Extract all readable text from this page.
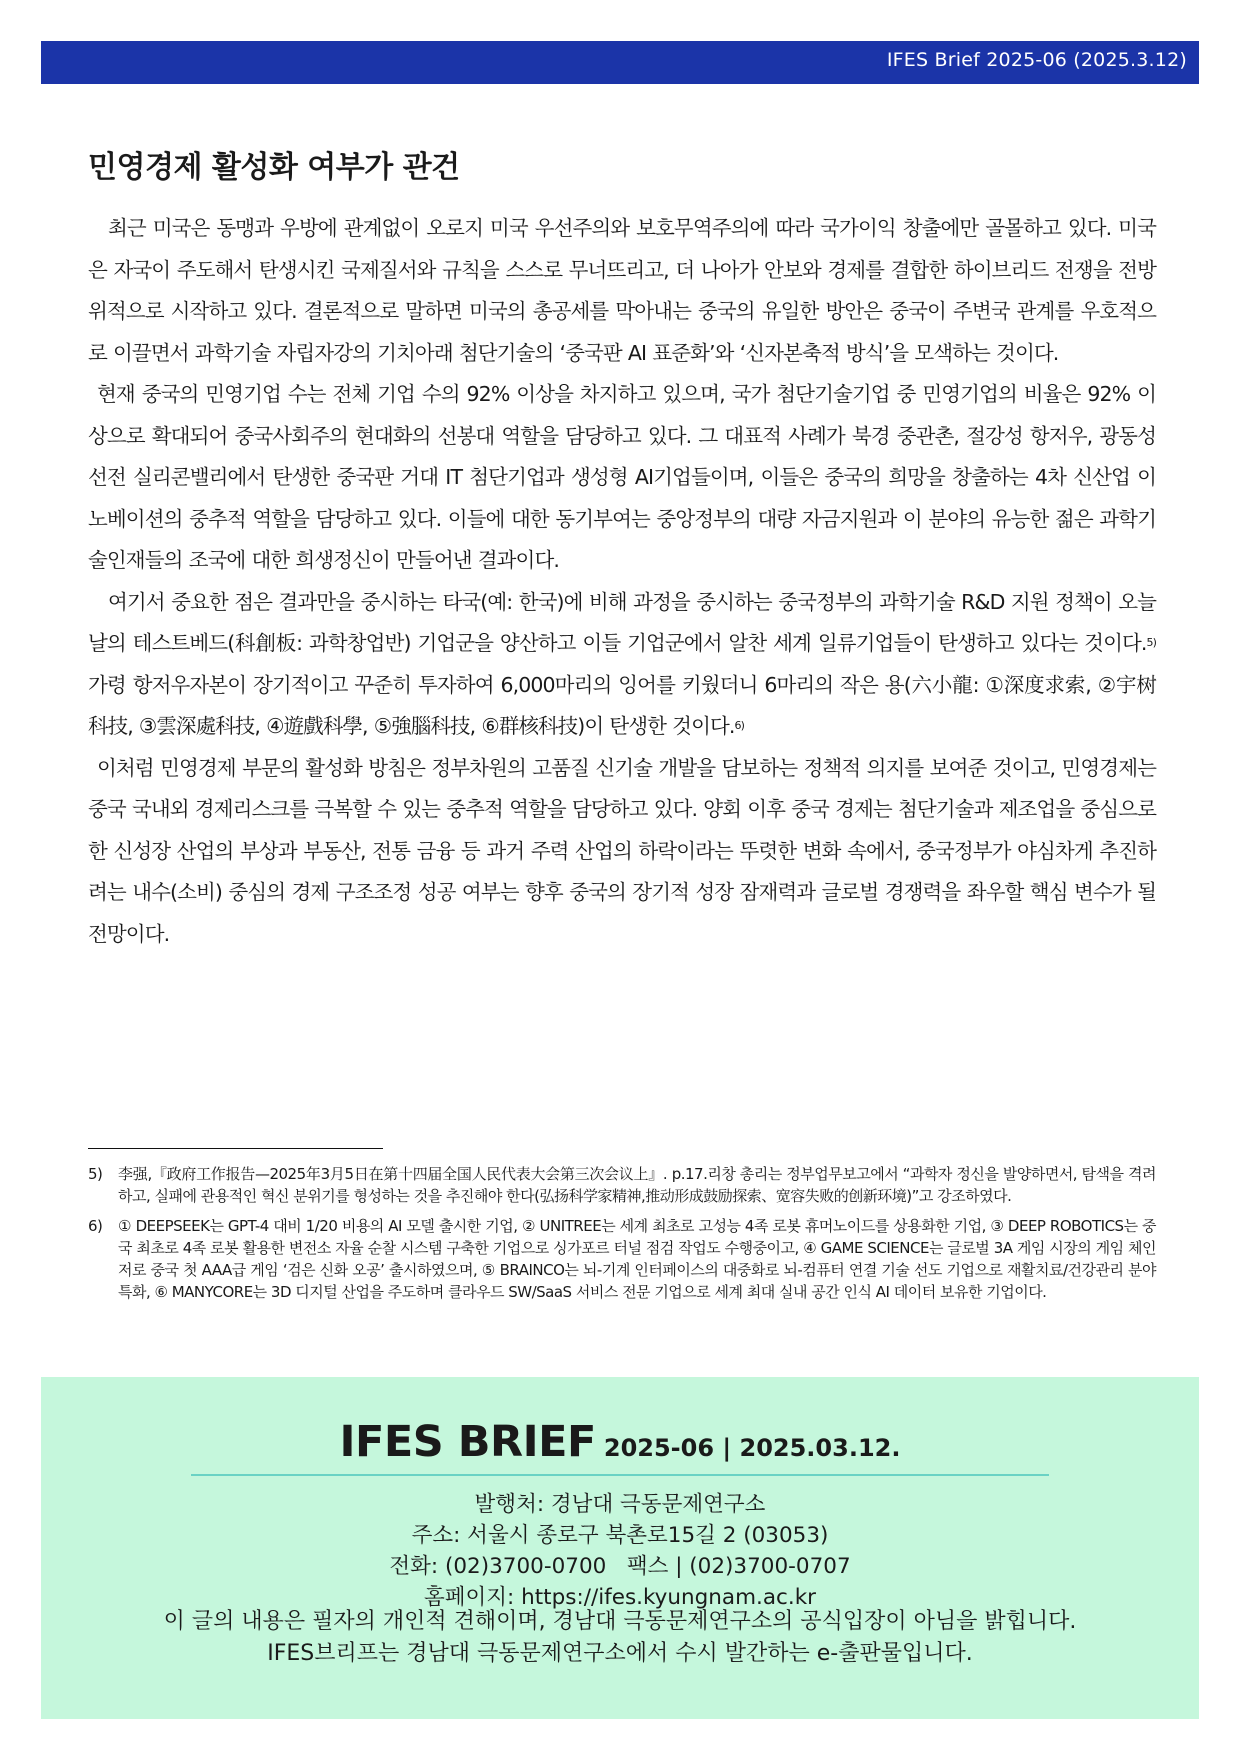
IFES Brief 2025-06 (2025.3.12)
민영경제 활성화 여부가 관건

최근 미국은 동맹과 우방에 관계없이 오로지 미국 우선주의와 보호무역주의에 따라 국가이익 창출에만 골몰하고 있다. 미국은 자국이 주도해서 탄생시킨 국제질서와 규칙을 스스로 무너뜨리고, 더 나아가 안보와 경제를 결합한 하이브리드 전쟁을 전방위적으로 시작하고 있다. 결론적으로 말하면 미국의 총공세를 막아내는 중국의 유일한 방안은 중국이 주변국 관계를 우호적으로 이끌면서 과학기술 자립자강의 기치아래 첨단기술의 ‘중국판 AI 표준화’와 ‘신자본축적 방식’을 모색하는 것이다.

현재 중국의 민영기업 수는 전체 기업 수의 92% 이상을 차지하고 있으며, 국가 첨단기술기업 중 민영기업의 비율은 92% 이상으로 확대되어 중국사회주의 현대화의 선봉대 역할을 담당하고 있다. 그 대표적 사례가 북경 중관촌, 절강성 항저우, 광동성 선전 실리콘밸리에서 탄생한 중국판 거대 IT 첨단기업과 생성형 AI기업들이며, 이들은 중국의 희망을 창출하는 4차 신산업 이노베이션의 중추적 역할을 담당하고 있다. 이들에 대한 동기부여는 중앙정부의 대량 자금지원과 이 분야의 유능한 젊은 과학기술인재들의 조국에 대한 희생정신이 만들어낸 결과이다.

여기서 중요한 점은 결과만을 중시하는 타국(예: 한국)에 비해 과정을 중시하는 중국정부의 과학기술 R&D 지원 정책이 오늘날의 테스트베드(科創板: 과학창업반) 기업군을 양산하고 이들 기업군에서 알찬 세계 일류기업들이 탄생하고 있다는 것이다.$^{5)}$ 가령 항저우자본이 장기적이고 꾸준히 투자하여 6,000마리의 잉어를 키웠더니 6마리의 작은 용(六小龍: ①深度求索, ②宇树科技, ③雲深處科技, ④遊戲科學, ⑤強腦科技, ⑥群核科技)이 탄생한 것이다.$^{6)}$

이처럼 민영경제 부문의 활성화 방침은 정부차원의 고품질 신기술 개발을 담보하는 정책적 의지를 보여준 것이고, 민영경제는 중국 국내외 경제리스크를 극복할 수 있는 중추적 역할을 담당하고 있다. 양회 이후 중국 경제는 첨단기술과 제조업을 중심으로 한 신성장 산업의 부상과 부동산, 전통 금융 등 과거 주력 산업의 하락이라는 뚜렷한 변화 속에서, 중국정부가 야심차게 추진하려는 내수(소비) 중심의 경제 구조조정 성공 여부는 향후 중국의 장기적 성장 잠재력과 글로벌 경쟁력을 좌우할 핵심 변수가 될 전망이다.

5) 李强,『政府工作报告—2025年3月5日在第十四届全国人民代表大会第三次会议上』. p.17.리창 총리는 정부업무보고에서 “과학자 정신을 발양하면서, 탐색을 격려하고, 실패에 관용적인 혁신 분위기를 형성하는 것을 추진해야 한다(弘扬科学家精神,推动形成鼓励探索、宽容失败的创新环境)”고 강조하였다.
6) ① DEEPSEEK는 GPT-4 대비 1/20 비용의 AI 모델 출시한 기업, ② UNITREE는 세계 최초로 고성능 4족 로봇 휴머노이드를 상용화한 기업, ③ DEEP ROBOTICS는 중국 최초로 4족 로봇 활용한 변전소 자율 순찰 시스템 구축한 기업으로 싱가포르 터널 점검 작업도 수행중이고, ④ GAME SCIENCE는 글로벌 3A 게임 시장의 게임 체인저로 중국 첫 AAA급 게임 ‘검은 신화 오공’ 출시하였으며, ⑤ BRAINCO는 뇌-기계 인터페이스의 대중화로 뇌-컴퓨터 연결 기술 선도 기업으로 재활치료/건강관리 분야 특화, ⑥ MANYCORE는 3D 디지털 산업을 주도하며 클라우드 SW/SaaS 서비스 전문 기업으로 세계 최대 실내 공간 인식 AI 데이터 보유한 기업이다.
IFES BRIEF 2025-06 | 2025.03.12.
발행처: 경남대 극동문제연구소
주소: 서울시 종로구 북촌로15길 2 (03053)
전화: (02)3700-0700 팩스 | (02)3700-0707
홈페이지: https://ifes.kyungnam.ac.kr
이 글의 내용은 필자의 개인적 견해이며, 경남대 극동문제연구소의 공식입장이 아님을 밝힙니다.
IFES브리프는 경남대 극동문제연구소에서 수시 발간하는 e-출판물입니다.
